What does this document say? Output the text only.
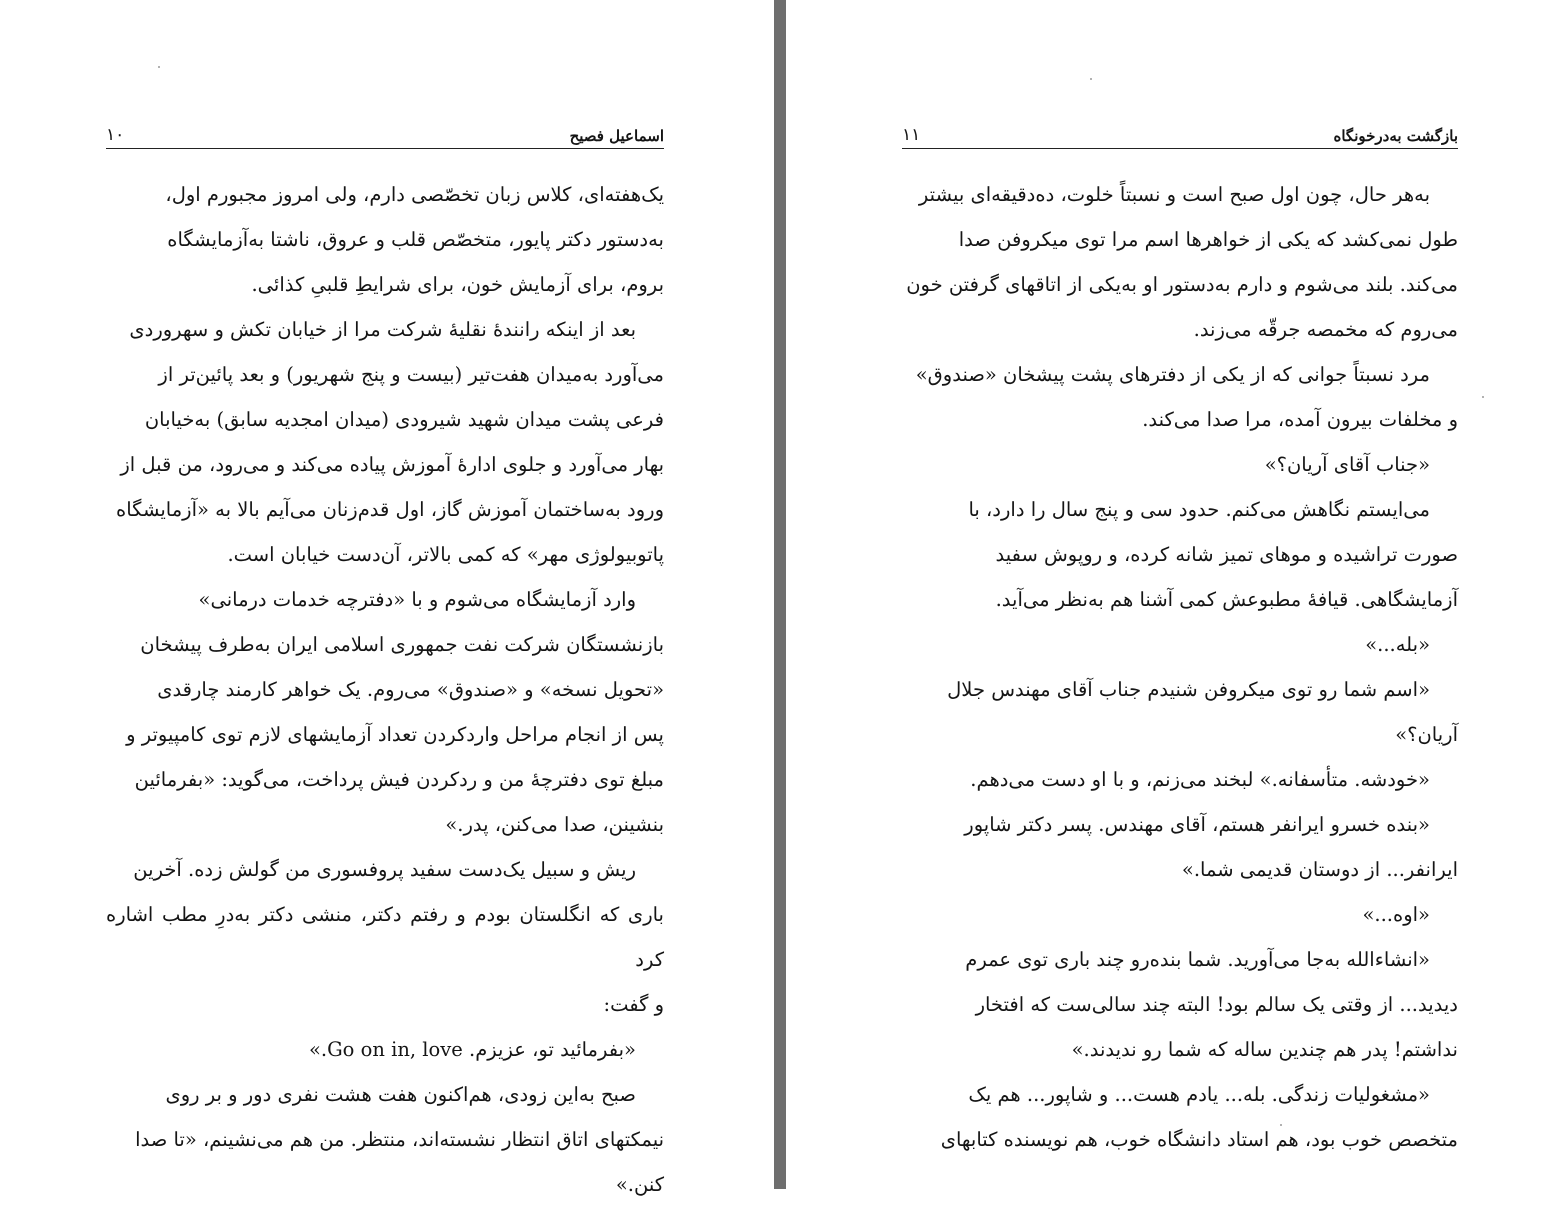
اسماعیل فصیح
۱۰

یک‌هفته‌ای، کلاس زبان تخصّصی دارم، ولی امروز مجبورم اول،
به‌دستور دکتر پایور، متخصّص قلب و عروق، ناشتا به‌آزمایشگاه
بروم، برای آزمایش خون، برای شرایطِ قلبیِ کذائی.

بعد از اینکه رانندۀ نقلیۀ شرکت مرا از خیابان تکش و سهروردی
می‌آورد به‌میدان هفت‌تیر (بیست و پنج شهریور) و بعد پائین‌تر از
فرعی پشت میدان شهید شیرودی (میدان امجدیه سابق) به‌خیابان
بهار می‌آورد و جلوی ادارۀ آموزش پیاده می‌کند و می‌رود، من قبل از
ورود به‌ساختمان آموزش گاز، اول قدم‌زنان می‌آیم بالا به «آزمایشگاه
پاتوبیولوژی مهر» که کمی بالاتر، آن‌دست خیابان است.

وارد آزمایشگاه می‌شوم و با «دفترچه خدمات درمانی»
بازنشستگان شرکت نفت جمهوری اسلامی ایران به‌طرف پیشخان
«تحویل نسخه» و «صندوق» می‌روم. یک خواهر کارمند چارقدی
پس از انجام مراحل واردکردن تعداد آزمایشهای لازم توی کامپیوتر و
مبلغ توی دفترچۀ من و ردکردن فیش پرداخت، می‌گوید: «بفرمائین
بنشینن، صدا می‌کنن، پدر.»

ریش و سبیل یک‌دست سفید پروفسوری من گولش زده. آخرین
باری که انگلستان بودم و رفتم دکتر، منشی دکتر به‌درِ مطب اشاره کرد
و گفت:

«بفرمائید تو، عزیزم. Go on in, love.»

صبح به‌این زودی، هم‌اکنون هفت هشت نفری دور و بر روی
نیمکتهای اتاق انتظار نشسته‌اند، منتظر. من هم می‌نشینم، «تا صدا
کنن.»

بازگشت به‌درخونگاه
۱۱

به‌هر حال، چون اول صبح است و نسبتاً خلوت، ده‌دقیقه‌ای بیشتر
طول نمی‌کشد که یکی از خواهرها اسم مرا توی میکروفن صدا
می‌کند. بلند می‌شوم و دارم به‌دستور او به‌یکی از اتاقهای گرفتن خون
می‌روم که مخمصه جرقّه می‌زند.

مرد نسبتاً جوانی که از یکی از دفترهای پشت پیشخان «صندوق»
و مخلفات بیرون آمده، مرا صدا می‌کند.

«جناب آقای آریان؟»

می‌ایستم نگاهش می‌کنم. حدود سی و پنج سال را دارد، با
صورت تراشیده و موهای تمیز شانه کرده، و روپوش سفید
آزمایشگاهی. قیافۀ مطبوعش کمی آشنا هم به‌نظر می‌آید.

«بله...»

«اسم شما رو توی میکروفن شنیدم جناب آقای مهندس جلال
آریان؟»

«خودشه. متأسفانه.» لبخند می‌زنم، و با او دست می‌دهم.

«بنده خسرو ایرانفر هستم، آقای مهندس. پسر دکتر شاپور
ایرانفر... از دوستان قدیمی شما.»

«اوه...»

«انشاءالله به‌جا می‌آورید. شما بنده‌رو چند باری توی عمرم
دیدید... از وقتی یک سالم بود! البته چند سالی‌ست که افتخار
نداشتم! پدر هم چندین ساله که شما رو ندیدند.»

«مشغولیات زندگی. بله... یادم هست... و شاپور... هم یک
متخصص خوب بود، هم استاد دانشگاه خوب، هم نویسنده کتابهای
